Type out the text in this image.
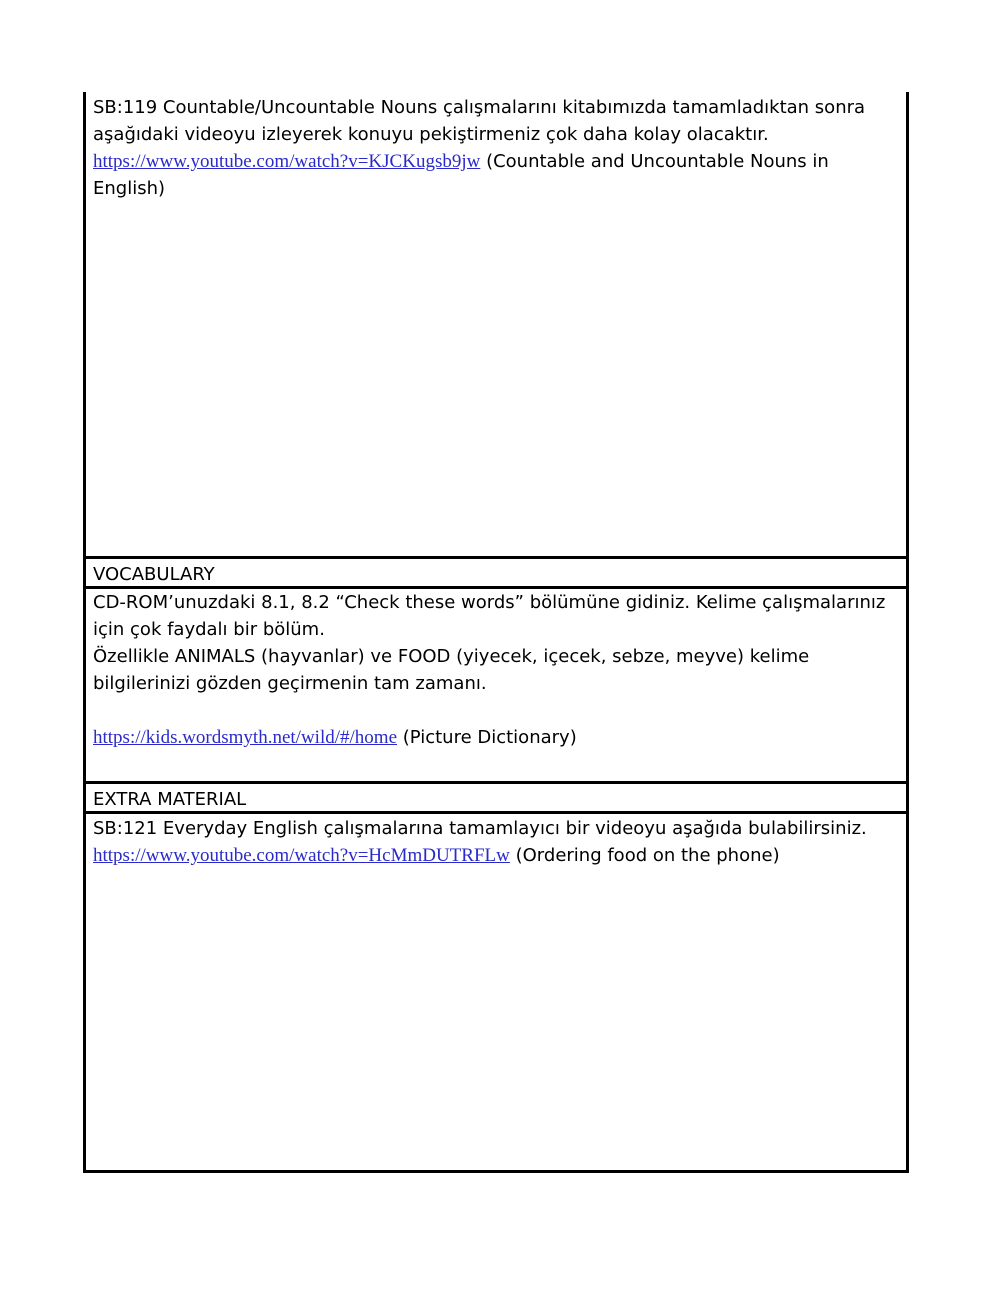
SB:119 Countable/Uncountable Nouns çalışmalarını kitabımızda tamamladıktan sonra
aşağıdaki videoyu izleyerek konuyu pekiştirmeniz çok daha kolay olacaktır.
https://www.youtube.com/watch?v=KJCKugsb9jw (Countable and Uncountable Nouns in
English)
VOCABULARY
CD-ROM’unuzdaki 8.1, 8.2 “Check these words” bölümüne gidiniz. Kelime çalışmalarınız
için çok faydalı bir bölüm.
Özellikle ANIMALS (hayvanlar) ve FOOD (yiyecek, içecek, sebze, meyve) kelime
bilgilerinizi gözden geçirmenin tam zamanı.
https://kids.wordsmyth.net/wild/#/home (Picture Dictionary)
EXTRA MATERIAL
SB:121 Everyday English çalışmalarına tamamlayıcı bir videoyu aşağıda bulabilirsiniz.
https://www.youtube.com/watch?v=HcMmDUTRFLw (Ordering food on the phone)
